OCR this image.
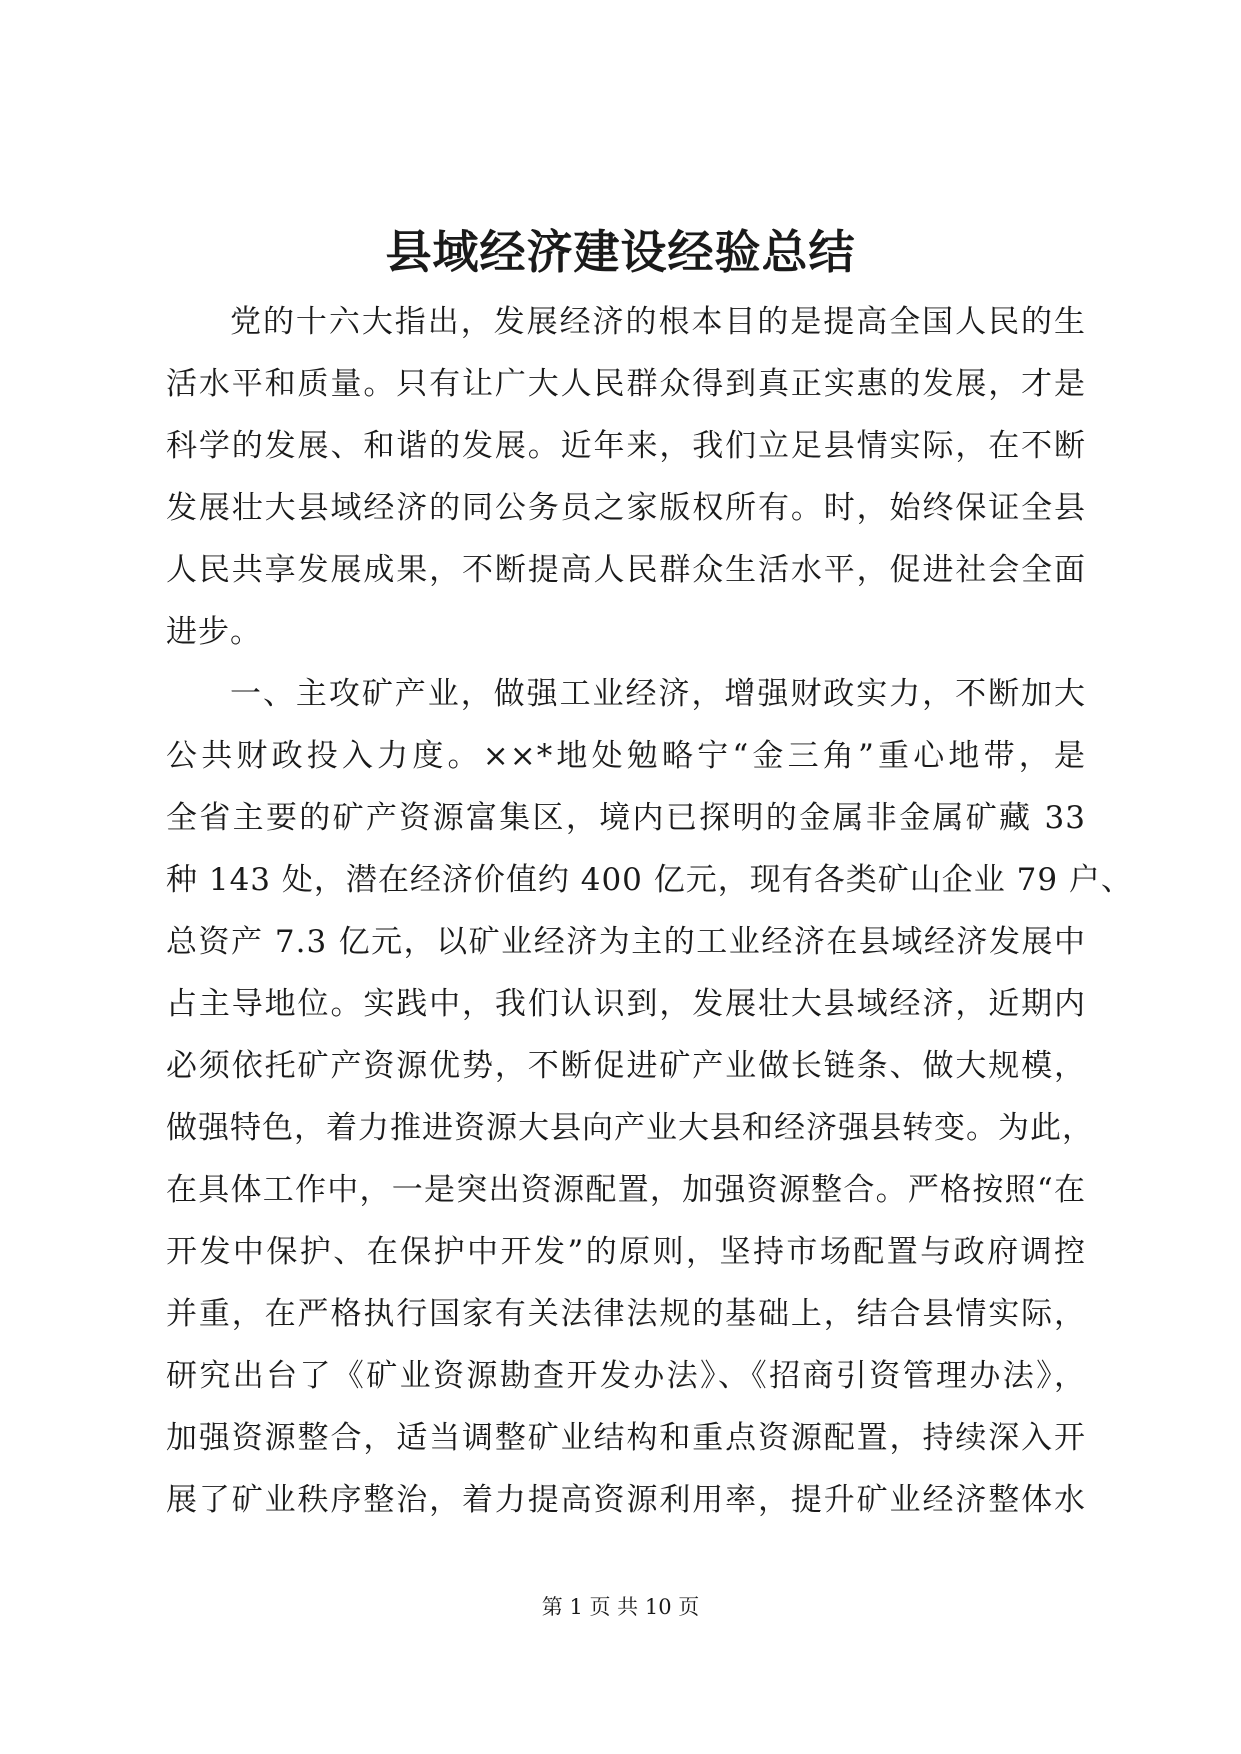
县域经济建设经验总结
党的十六大指出，发展经济的根本目的是提高全国人民的生
活水平和质量。只有让广大人民群众得到真正实惠的发展，才是
科学的发展、和谐的发展。近年来，我们立足县情实际，在不断
发展壮大县域经济的同公务员之家版权所有。时，始终保证全县
人民共享发展成果，不断提高人民群众生活水平，促进社会全面
进步。
一、主攻矿产业，做强工业经济，增强财政实力，不断加大
公共财政投入力度。××*地处勉略宁“金三角”重心地带，是
全省主要的矿产资源富集区，境内已探明的金属非金属矿藏 33
种 143 处，潜在经济价值约 400 亿元，现有各类矿山企业 79 户、
总资产 7.3 亿元，以矿业经济为主的工业经济在县域经济发展中
占主导地位。实践中，我们认识到，发展壮大县域经济，近期内
必须依托矿产资源优势，不断促进矿产业做长链条、做大规模，
做强特色，着力推进资源大县向产业大县和经济强县转变。为此，
在具体工作中，一是突出资源配置，加强资源整合。严格按照“在
开发中保护、在保护中开发”的原则，坚持市场配置与政府调控
并重，在严格执行国家有关法律法规的基础上，结合县情实际，
研究出台了《矿业资源勘查开发办法》、《招商引资管理办法》，
加强资源整合，适当调整矿业结构和重点资源配置，持续深入开
展了矿业秩序整治，着力提高资源利用率，提升矿业经济整体水
第 1 页 共 10 页
